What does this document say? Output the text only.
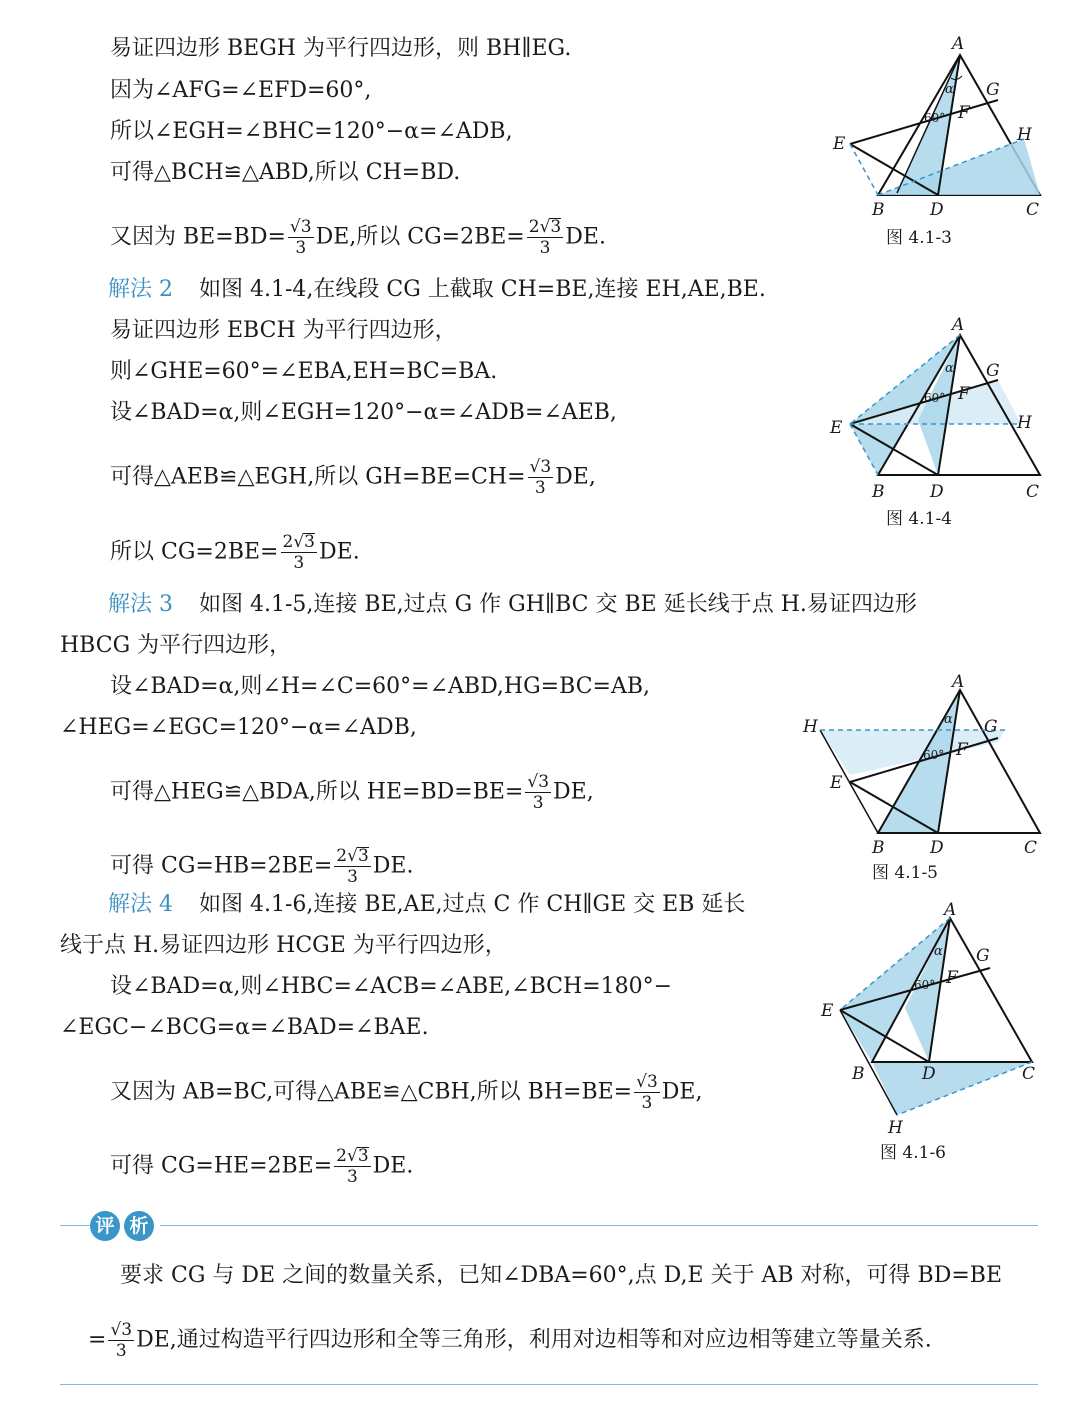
易证四边形 BEGH 为平行四边形，则 BH∥EG.
因为∠AFG=∠EFD=60°,
所以∠EGH=∠BHC=120°−α=∠ADB,
可得△BCH≌△ABD,所以 CH=BD.
又因为 $BE=BD= \frac{√3}{3}$ DE,所以 $CG=2BE= \frac{2√3}{3}$ DE.
解法 2 如图 4.1-4,在线段 CG 上截取 CH=BE,连接 EH,AE,BE.
易证四边形 EBCH 为平行四边形，
则∠GHE=60°=∠EBA,EH=BC=BA.
设∠BAD=α,则∠EGH=120°−α=∠ADB=∠AEB,
可得△AEB≌△EGH,所以 $GH=BE=CH= \frac{√3}{3}$ DE,
所以 $CG=2BE= \frac{2√3}{3}$ DE.
解法 3 如图 4.1-5,连接 BE,过点 G 作 GH∥BC 交 BE 延长线于点 H.易证四边形
HBCG 为平行四边形，
设∠BAD=α,则∠H=∠C=60°=∠ABD,HG=BC=AB,
∠HEG=∠EGC=120°−α=∠ADB,
可得△HEG≌△BDA,所以 $HE=BD=BE= \frac{√3}{3}$ DE,
可得 $CG=HB=2BE= \frac{2√3}{3}$ DE.
解法 4 如图 4.1-6,连接 BE,AE,过点 C 作 CH∥GE 交 EB 延长
线于点 H.易证四边形 HCGE 为平行四边形，
设∠BAD=α,则∠HBC=∠ACB=∠ABE,∠BCH=180°−
∠EGC−∠BCG=α=∠BAD=∠BAE.
又因为 AB=BC,可得△ABE≌△CBH,所以 $BH=BE= \frac{√3}{3}$ DE,
可得 $CG=HE=2BE= \frac{2√3}{3}$ DE.
评 析
要求 CG 与 DE 之间的数量关系，已知∠DBA=60°,点 D,E 关于 AB 对称，可得 BD=BE
= $\frac{√3}{3}$ DE,通过构造平行四边形和全等三角形，利用对边相等和对应边相等建立等量关系.
A
G
F
α
60°
H
E
B	D	C
图 4.1-3
A
G
F
α
60°
H
E
B	D	C
图 4.1-4
A
G
F
α
60°
H
E
B	D	C
图 4.1-5
A
G
F
α
60°
E
B	D	C
H
图 4.1-6
